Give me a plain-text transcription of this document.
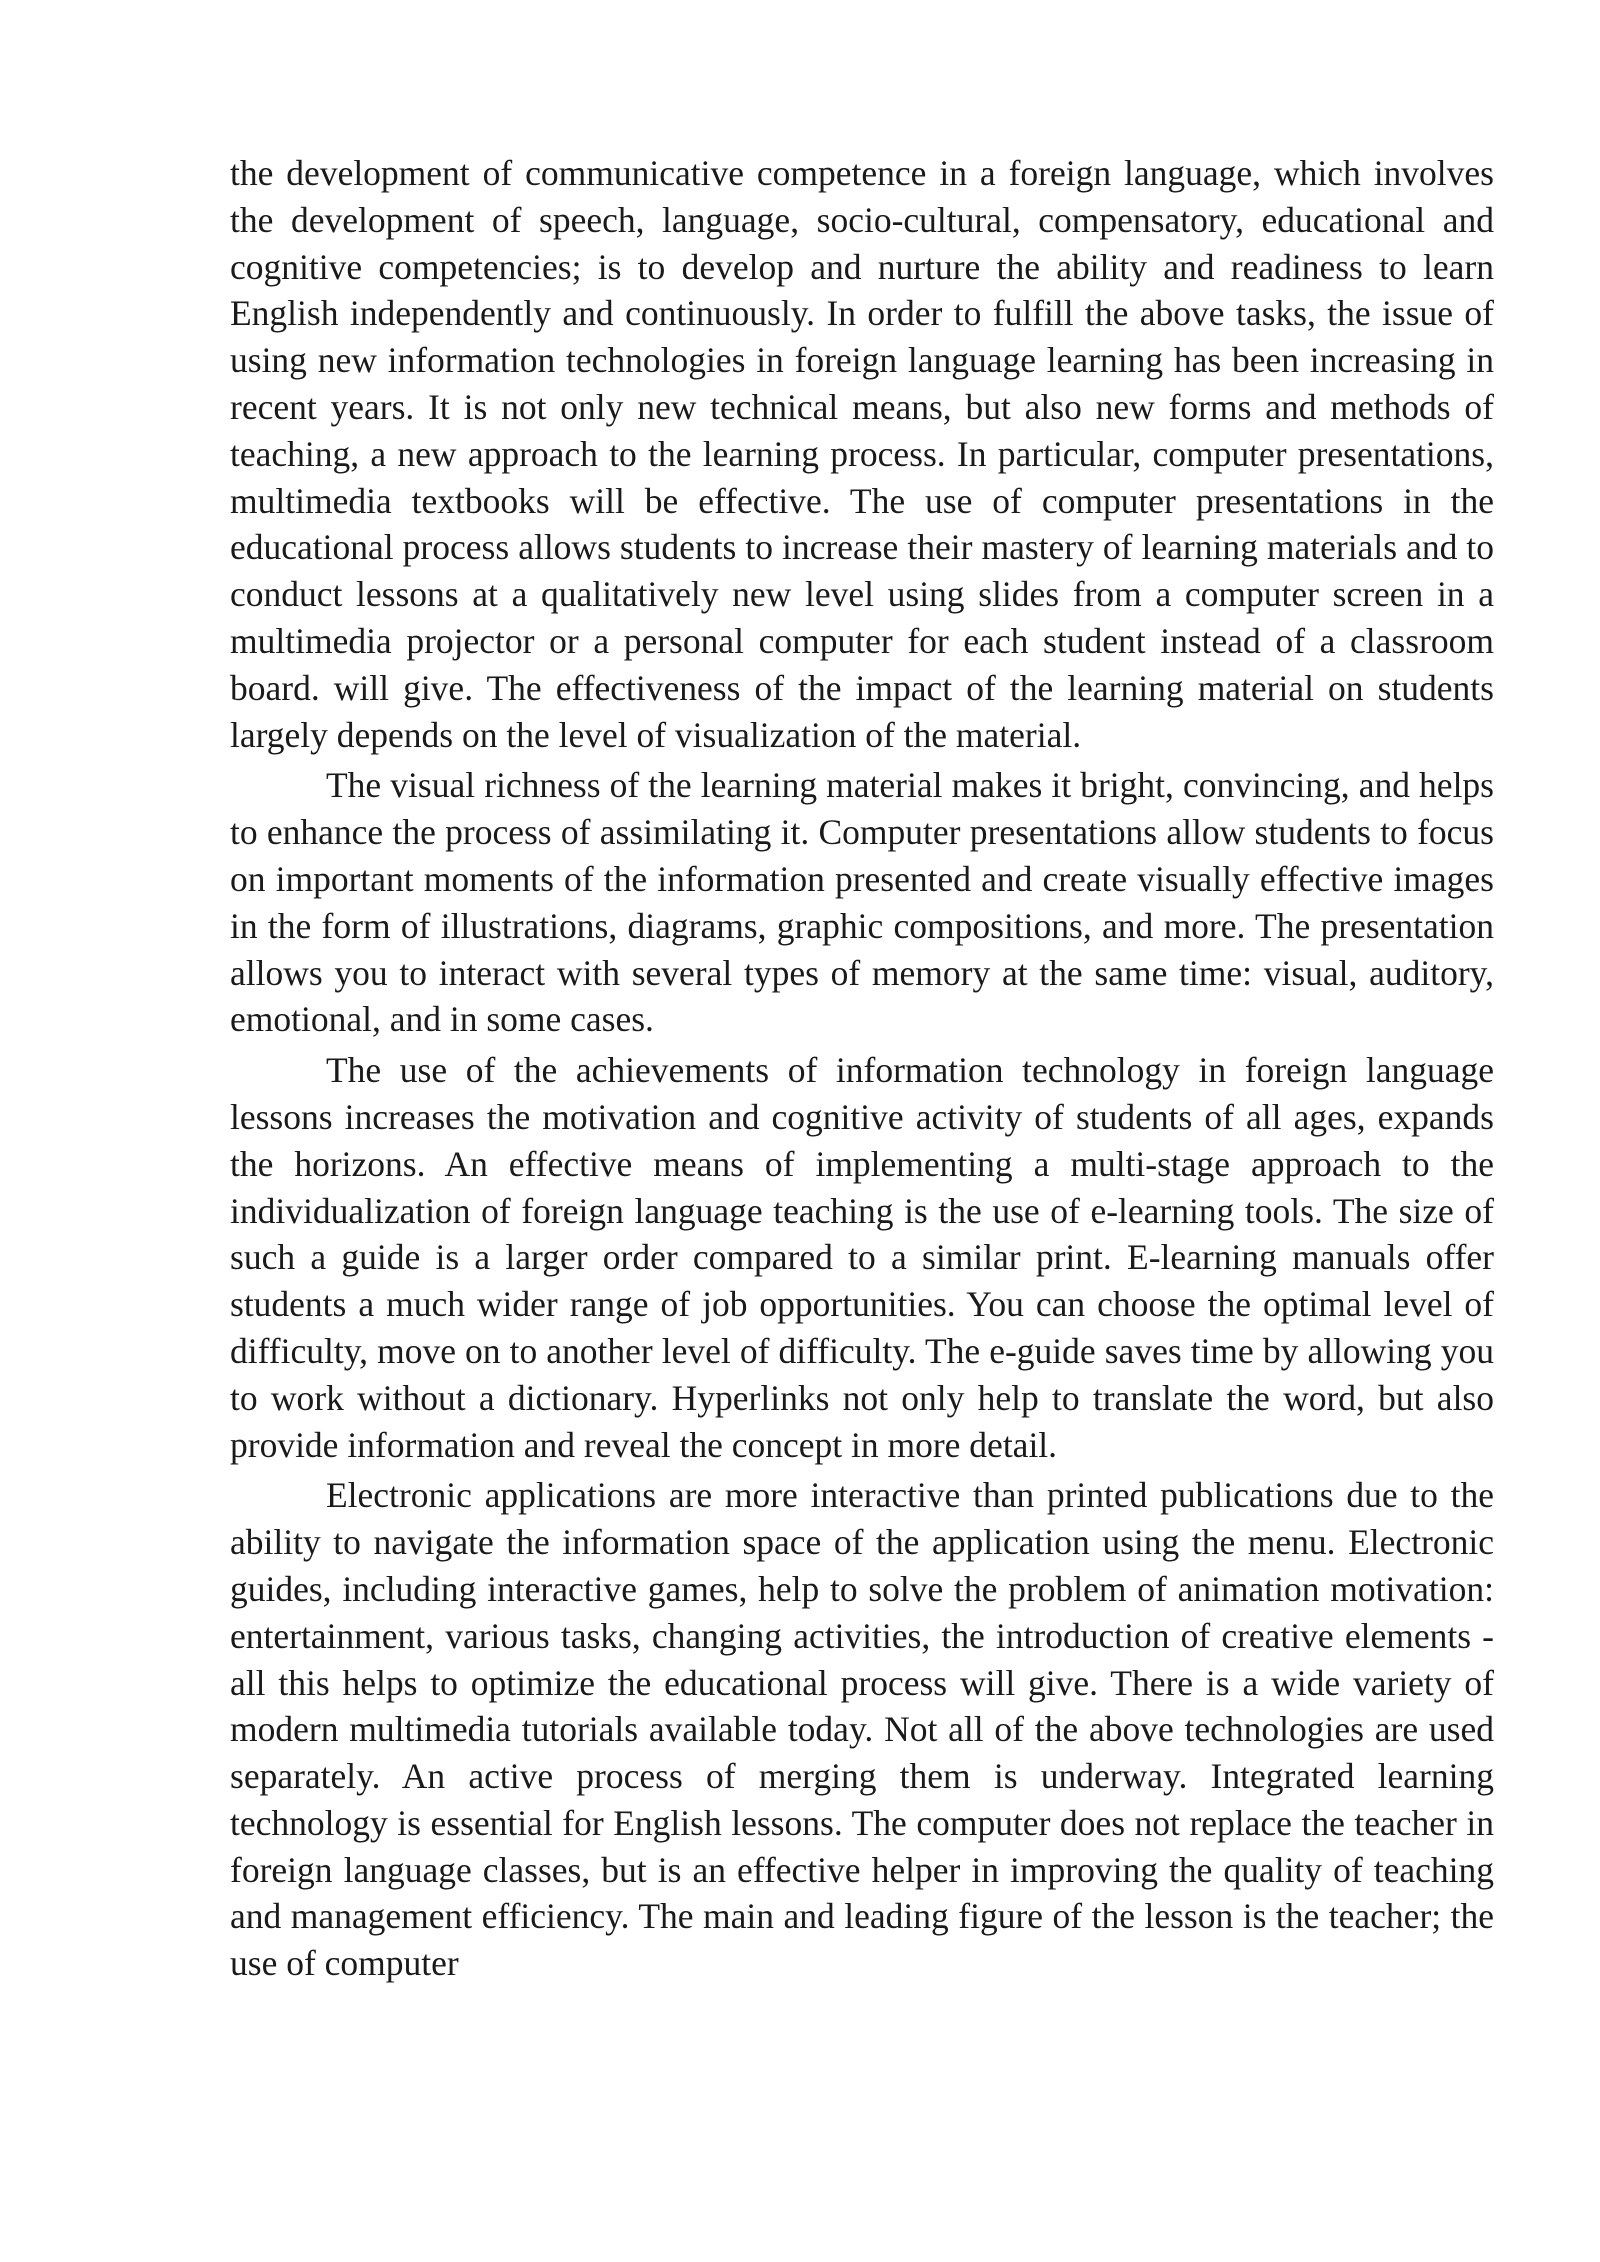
the development of communicative competence in a foreign language, which involves the development of speech, language, socio-cultural, compensatory, educational and cognitive competencies; is to develop and nurture the ability and readiness to learn English independently and continuously. In order to fulfill the above tasks, the issue of using new information technologies in foreign language learning has been increasing in recent years. It is not only new technical means, but also new forms and methods of teaching, a new approach to the learning process. In particular, computer presentations, multimedia textbooks will be effective. The use of computer presentations in the educational process allows students to increase their mastery of learning materials and to conduct lessons at a qualitatively new level using slides from a computer screen in a multimedia projector or a personal computer for each student instead of a classroom board. will give. The effectiveness of the impact of the learning material on students largely depends on the level of visualization of the material.

The visual richness of the learning material makes it bright, convincing, and helps to enhance the process of assimilating it. Computer presentations allow students to focus on important moments of the information presented and create visually effective images in the form of illustrations, diagrams, graphic compositions, and more. The presentation allows you to interact with several types of memory at the same time: visual, auditory, emotional, and in some cases.

The use of the achievements of information technology in foreign language lessons increases the motivation and cognitive activity of students of all ages, expands the horizons. An effective means of implementing a multi-stage approach to the individualization of foreign language teaching is the use of e-learning tools. The size of such a guide is a larger order compared to a similar print. E-learning manuals offer students a much wider range of job opportunities. You can choose the optimal level of difficulty, move on to another level of difficulty. The e-guide saves time by allowing you to work without a dictionary. Hyperlinks not only help to translate the word, but also provide information and reveal the concept in more detail.

Electronic applications are more interactive than printed publications due to the ability to navigate the information space of the application using the menu. Electronic guides, including interactive games, help to solve the problem of animation motivation: entertainment, various tasks, changing activities, the introduction of creative elements - all this helps to optimize the educational process will give. There is a wide variety of modern multimedia tutorials available today. Not all of the above technologies are used separately. An active process of merging them is underway. Integrated learning technology is essential for English lessons. The computer does not replace the teacher in foreign language classes, but is an effective helper in improving the quality of teaching and management efficiency. The main and leading figure of the lesson is the teacher; the use of computer
